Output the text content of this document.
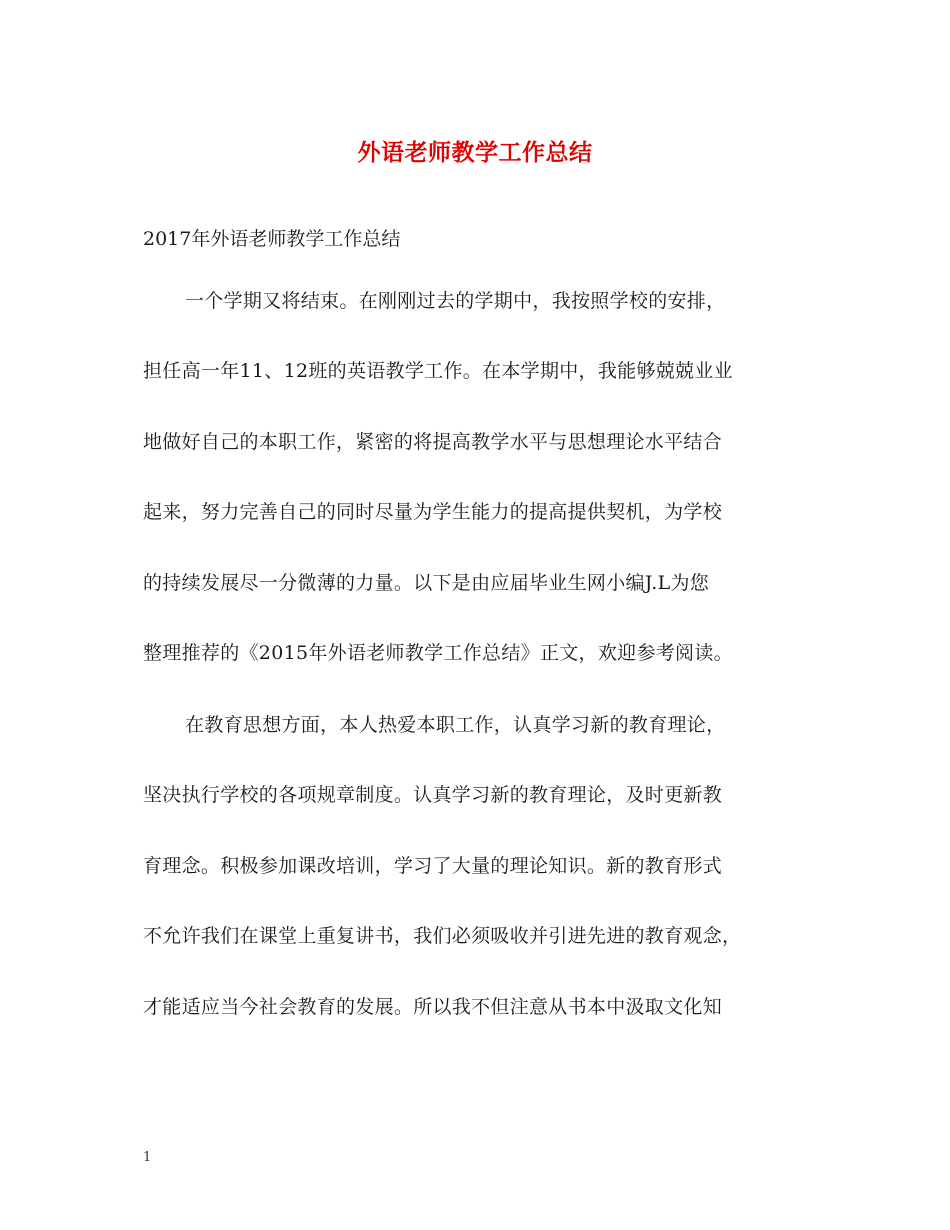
外语老师教学工作总结
2017年外语老师教学工作总结
一个学期又将结束。在刚刚过去的学期中，我按照学校的安排，
担任高一年11、12班的英语教学工作。在本学期中，我能够兢兢业业
地做好自己的本职工作，紧密的将提高教学水平与思想理论水平结合
起来，努力完善自己的同时尽量为学生能力的提高提供契机，为学校
的持续发展尽一分微薄的力量。以下是由应届毕业生网小编J.L为您
整理推荐的《2015年外语老师教学工作总结》正文，欢迎参考阅读。
在教育思想方面，本人热爱本职工作，认真学习新的教育理论，
坚决执行学校的各项规章制度。认真学习新的教育理论，及时更新教
育理念。积极参加课改培训，学习了大量的理论知识。新的教育形式
不允许我们在课堂上重复讲书，我们必须吸收并引进先进的教育观念，
才能适应当今社会教育的发展。所以我不但注意从书本中汲取文化知
1
